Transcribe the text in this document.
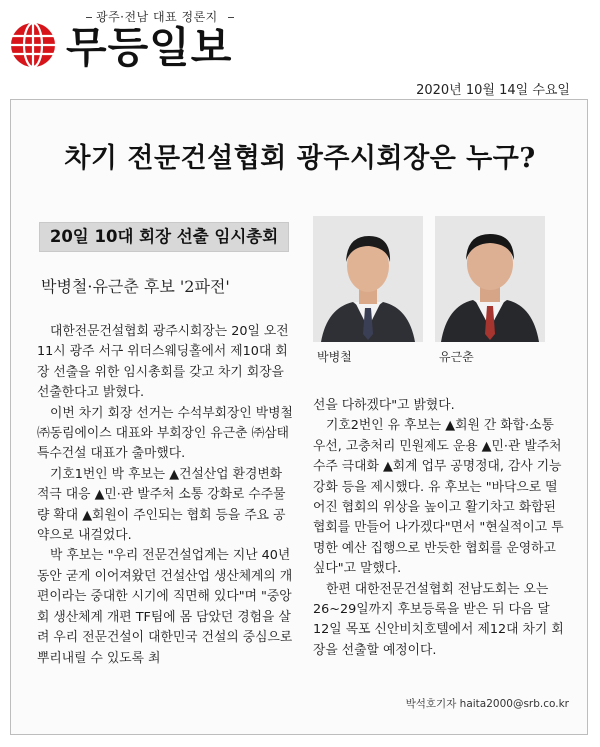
광주·전남 대표 정론지
무등일보
2020년 10월 14일 수요일
차기 전문건설협회 광주시회장은 누구?
20일 10대 회장 선출 임시총회
박병철·유근춘 후보 '2파전'

대한전문건설협회 광주시회장는 20일 오전 11시 광주 서구 위더스웨딩홀에서 제10대 회장 선출을 위한 임시총회를 갖고 차기 회장을 선출한다고 밝혔다.

이번 차기 회장 선거는 수석부회장인 박병철 ㈜동림에이스 대표와 부회장인 유근춘 ㈜삼태특수건설 대표가 출마했다.

기호1번인 박 후보는 ▲건설산업 환경변화 적극 대응 ▲민·관 발주처 소통 강화로 수주물량 확대 ▲회원이 주인되는 협회 등을 주요 공약으로 내걸었다.

박 후보는 "우리 전문건설업계는 지난 40년 동안 굳게 이어져왔던 건설산업 생산체계의 개편이라는 중대한 시기에 직면해 있다"며 "중앙회 생산체계 개편 TF팀에 몸 담았던 경험을 살려 우리 전문건설이 대한민국 건설의 중심으로 뿌리내릴 수 있도록 최

박병철	유근춘

선을 다하겠다"고 밝혔다.

기호2번인 유 후보는 ▲회원 간 화합·소통 우선, 고충처리 민원제도 운용 ▲민·관 발주처 수주 극대화 ▲회계 업무 공명정대, 감사 기능 강화 등을 제시했다. 유 후보는 "바닥으로 떨어진 협회의 위상을 높이고 활기차고 화합된 협회를 만들어 나가겠다"면서 "현실적이고 투명한 예산 집행으로 반듯한 협회를 운영하고 싶다"고 말했다.

한편 대한전문건설협회 전남도회는 오는 26~29일까지 후보등록을 받은 뒤 다음 달 12일 목포 신안비치호텔에서 제12대 차기 회장을 선출할 예정이다.

박석호기자 haita2000@srb.co.kr
